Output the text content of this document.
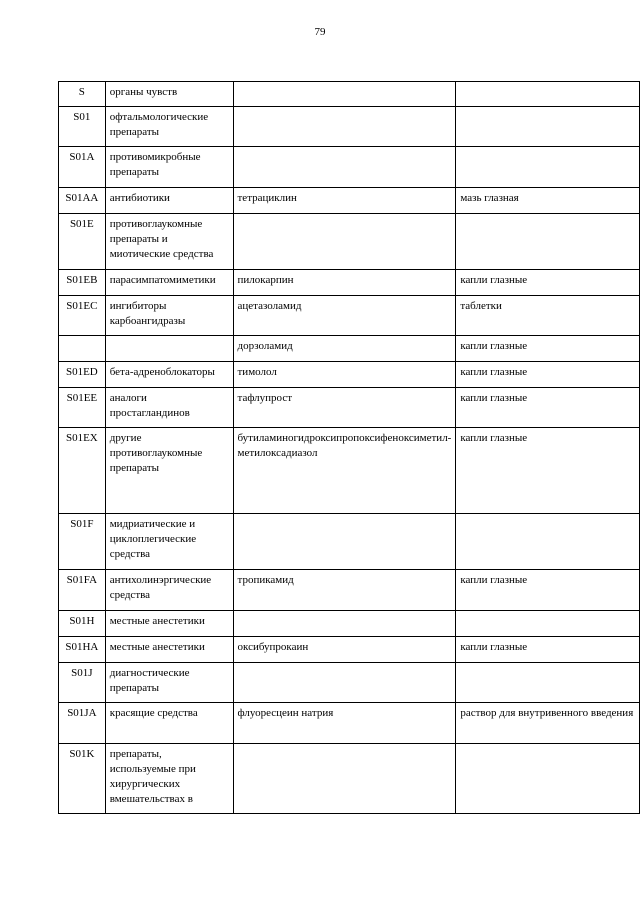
79
S	органы чувств		
S01	офтальмологические препараты		
S01A	противомикробные препараты		
S01AA	антибиотики	тетрациклин	мазь глазная
S01E	противоглаукомные препараты и миотические средства		
S01EB	парасимпатомиметики	пилокарпин	капли глазные
S01EC	ингибиторы карбоангидразы	ацетазоламид	таблетки
		дорзоламид	капли глазные
S01ED	бета-адреноблокаторы	тимолол	капли глазные
S01EE	аналоги простагландинов	тафлупрост	капли глазные
S01EX	другие противоглаукомные препараты	бутиламиногидроксипропоксифеноксиметил-метилоксадиазол	капли глазные
S01F	мидриатические и циклоплегические средства		
S01FA	антихолинэргические средства	тропикамид	капли глазные
S01H	местные анестетики		
S01HA	местные анестетики	оксибупрокаин	капли глазные
S01J	диагностические препараты		
S01JA	красящие средства	флуоресцеин натрия	раствор для внутривенного введения
S01K	препараты, используемые при хирургических вмешательствах в		
